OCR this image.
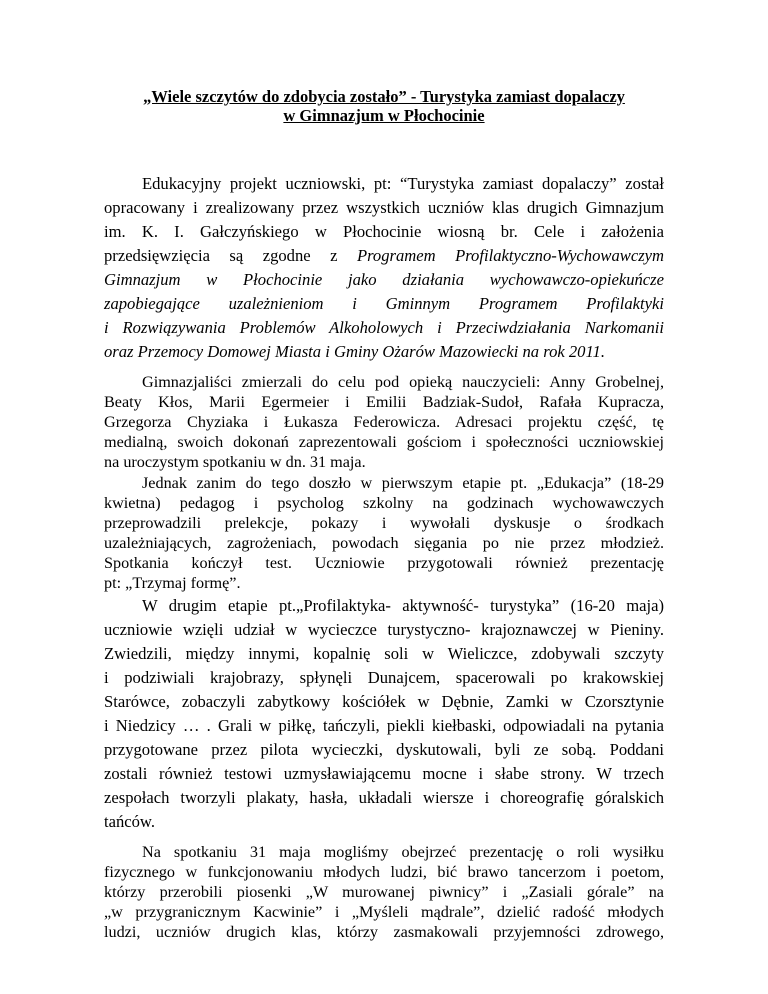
„Wiele szczytów do zdobycia zostało” - Turystyka zamiast dopalaczy
w Gimnazjum w Płochocinie
Edukacyjny projekt uczniowski, pt: “Turystyka zamiast dopalaczy” został
opracowany i zrealizowany przez wszystkich uczniów klas drugich Gimnazjum
im. K. I. Gałczyńskiego w Płochocinie wiosną br. Cele i założenia
przedsięwzięcia są zgodne z Programem Profilaktyczno-Wychowawczym
Gimnazjum w Płochocinie jako działania wychowawczo-opiekuńcze
zapobiegające uzależnieniom i Gminnym Programem Profilaktyki
i Rozwiązywania Problemów Alkoholowych i Przeciwdziałania Narkomanii
oraz Przemocy Domowej Miasta i Gminy Ożarów Mazowiecki na rok 2011.
Gimnazjaliści zmierzali do celu pod opieką nauczycieli: Anny Grobelnej,
Beaty Kłos, Marii Egermeier i Emilii Badziak-Sudoł, Rafała Kupracza,
Grzegorza Chyziaka i Łukasza Federowicza. Adresaci projektu część, tę
medialną, swoich dokonań zaprezentowali gościom i społeczności uczniowskiej
na uroczystym spotkaniu w dn. 31 maja.
Jednak zanim do tego doszło w pierwszym etapie pt. „Edukacja” (18-29
kwietna) pedagog i psycholog szkolny na godzinach wychowawczych
przeprowadzili prelekcje, pokazy i wywołali dyskusje o środkach
uzależniających, zagrożeniach, powodach sięgania po nie przez młodzież.
Spotkania kończył test. Uczniowie przygotowali również prezentację
pt: „Trzymaj formę”.
W drugim etapie pt.„Profilaktyka- aktywność- turystyka” (16-20 maja)
uczniowie wzięli udział w wycieczce turystyczno- krajoznawczej w Pieniny.
Zwiedzili, między innymi, kopalnię soli w Wieliczce, zdobywali szczyty
i podziwiali krajobrazy, spłynęli Dunajcem, spacerowali po krakowskiej
Starówce, zobaczyli zabytkowy kościółek w Dębnie, Zamki w Czorsztynie
i Niedzicy … . Grali w piłkę, tańczyli, piekli kiełbaski, odpowiadali na pytania
przygotowane przez pilota wycieczki, dyskutowali, byli ze sobą. Poddani
zostali również testowi uzmysławiającemu mocne i słabe strony. W trzech
zespołach tworzyli plakaty, hasła, układali wiersze i choreografię góralskich
tańców.
Na spotkaniu 31 maja mogliśmy obejrzeć prezentację o roli wysiłku
fizycznego w funkcjonowaniu młodych ludzi, bić brawo tancerzom i poetom,
którzy przerobili piosenki „W murowanej piwnicy” i „Zasiali górale” na
„w przygranicznym Kacwinie” i „Myśleli mądrale”, dzielić radość młodych
ludzi, uczniów drugich klas, którzy zasmakowali przyjemności zdrowego,
